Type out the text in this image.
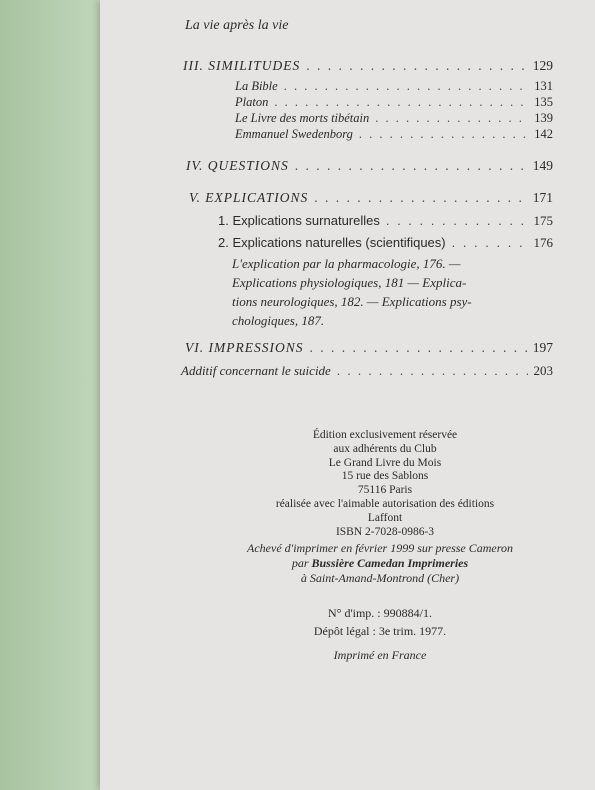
La vie après la vie
III. SIMILITUDES . . .	129
La Bible . . .	131
Platon . . .	135
Le Livre des morts tibétain . . .	139
Emmanuel Swedenborg . . .	142
IV. QUESTIONS . . .	149
V. EXPLICATIONS . . .	171
1. Explications surnaturelles . . .	175
2. Explications naturelles (scientifiques) . . .	176
L'explication par la pharmacologie, 176. —
Explications physiologiques, 181 — Explica-
tions neurologiques, 182. — Explications psy-
chologiques, 187.
VI. IMPRESSIONS . . .	197
Additif concernant le suicide . . .	203
Édition exclusivement réservée
aux adhérents du Club
Le Grand Livre du Mois
15 rue des Sablons
75116 Paris
réalisée avec l'aimable autorisation des éditions Laffont
ISBN 2-7028-0986-3
Achevé d'imprimer en février 1999 sur presse Cameron
par Bussière Camedan Imprimeries
à Saint-Amand-Montrond (Cher)
N° d'imp. : 990884/1.
Dépôt légal : 3e trim. 1977.
Imprimé en France
